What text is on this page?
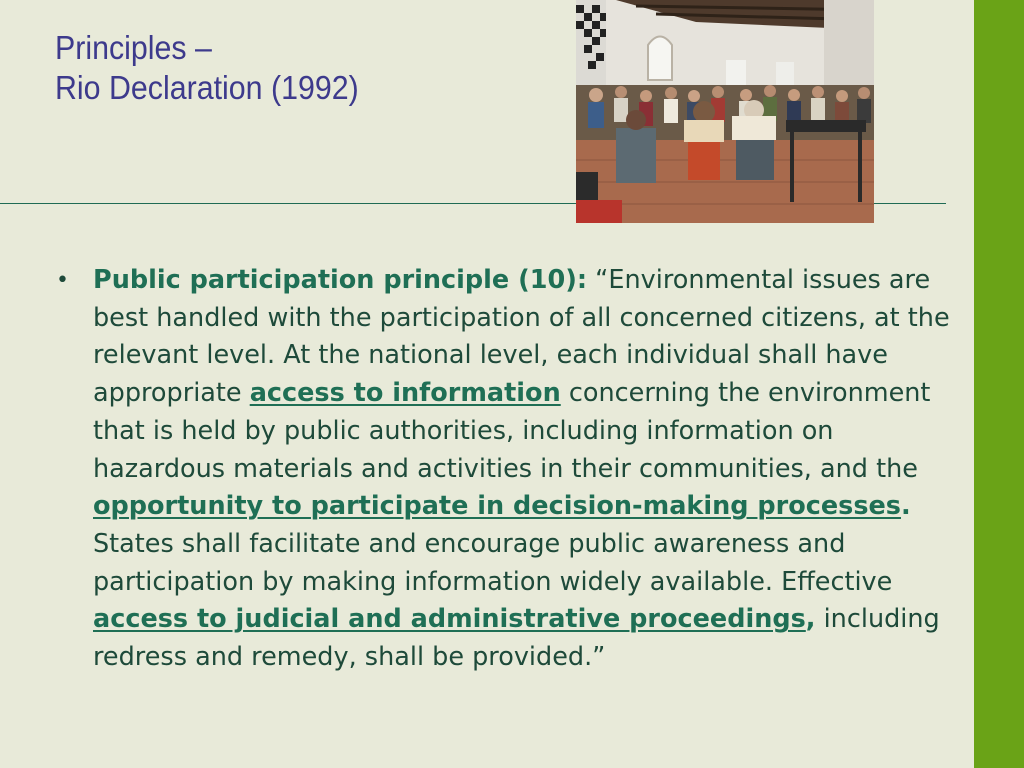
Principles –
Rio Declaration (1992)
• Public participation principle (10): “Environmental issues are best handled with the participation of all concerned citizens, at the relevant level. At the national level, each individual shall have appropriate access to information concerning the environment that is held by public authorities, including information on hazardous materials and activities in their communities, and the opportunity to participate in decision-making processes. States shall facilitate and encourage public awareness and participation by making information widely available. Effective access to judicial and administrative proceedings, including redress and remedy, shall be provided.”
